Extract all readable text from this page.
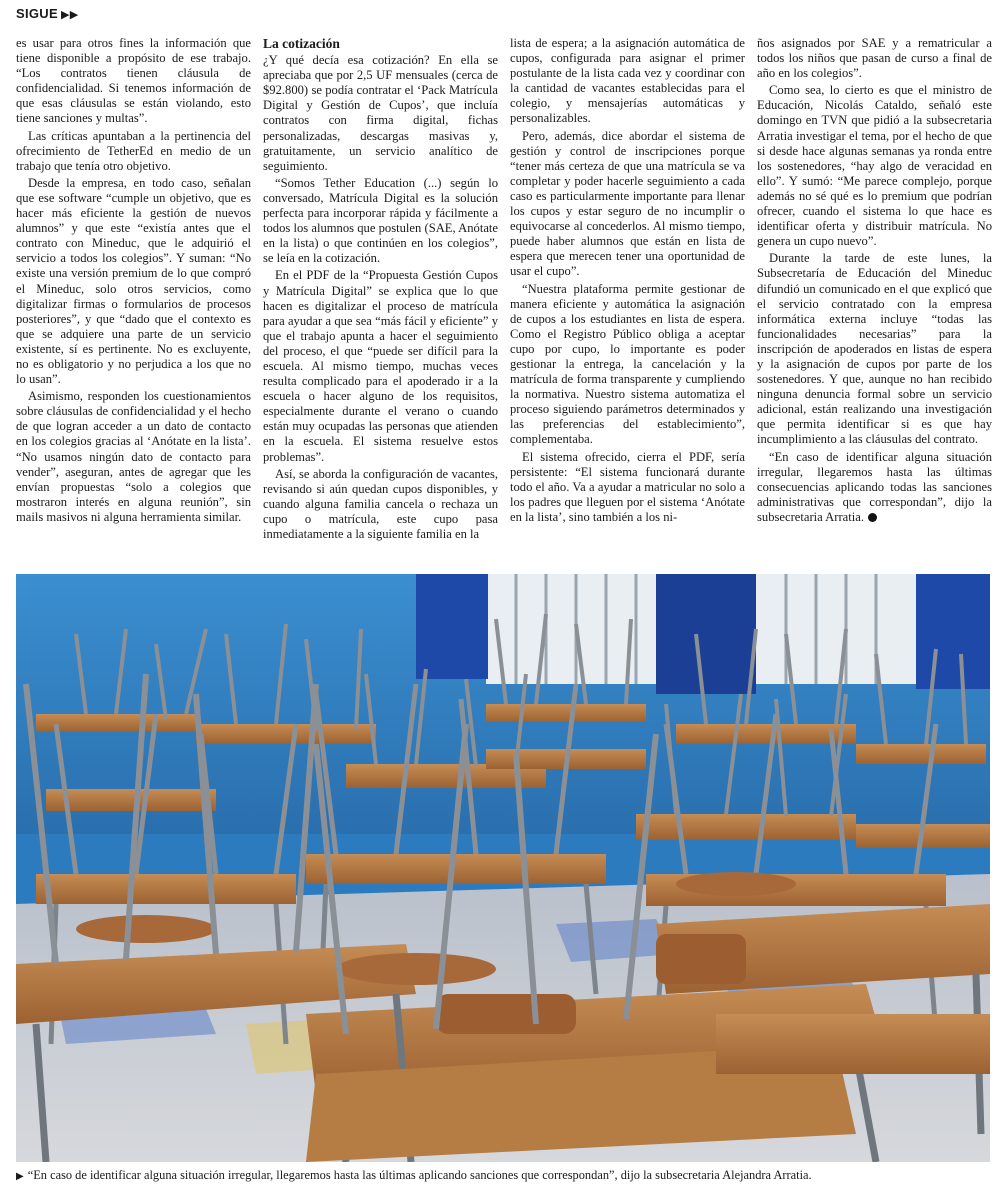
SIGUE ▶▶

es usar para otros fines la información que tiene disponible a propósito de ese trabajo. “Los contratos tienen cláusula de confidencialidad. Si tenemos información de que esas cláusulas se están violando, esto tiene sanciones y multas”.

Las críticas apuntaban a la pertinencia del ofrecimiento de TetherEd en medio de un trabajo que tenía otro objetivo.

Desde la empresa, en todo caso, señalan que ese software “cumple un objetivo, que es hacer más eficiente la gestión de nuevos alumnos” y que este “existía antes que el contrato con Mineduc, que le adquirió el servicio a todos los colegios”. Y suman: “No existe una versión premium de lo que compró el Mineduc, solo otros servicios, como digitalizar firmas o formularios de procesos posteriores”, y que “dado que el contexto es que se adquiere una parte de un servicio existente, sí es pertinente. No es excluyente, no es obligatorio y no perjudica a los que no lo usan”.

Asimismo, responden los cuestionamientos sobre cláusulas de confidencialidad y el hecho de que logran acceder a un dato de contacto en los colegios gracias al ‘Anótate en la lista’. “No usamos ningún dato de contacto para vender”, aseguran, antes de agregar que les envían propuestas “solo a colegios que mostraron interés en alguna reunión”, sin mails masivos ni alguna herramienta similar.

La cotización

¿Y qué decía esa cotización? En ella se apreciaba que por 2,5 UF mensuales (cerca de $92.800) se podía contratar el ‘Pack Matrícula Digital y Gestión de Cupos’, que incluía contratos con firma digital, fichas personalizadas, descargas masivas y, gratuitamente, un servicio analítico de seguimiento.

“Somos Tether Education (...) según lo conversado, Matrícula Digital es la solución perfecta para incorporar rápida y fácilmente a todos los alumnos que postulen (SAE, Anótate en la lista) o que continúen en los colegios”, se leía en la cotización.

En el PDF de la “Propuesta Gestión Cupos y Matrícula Digital” se explica que lo que hacen es digitalizar el proceso de matrícula para ayudar a que sea “más fácil y eficiente” y que el trabajo apunta a hacer el seguimiento del proceso, el que “puede ser difícil para la escuela. Al mismo tiempo, muchas veces resulta complicado para el apoderado ir a la escuela o hacer alguno de los requisitos, especialmente durante el verano o cuando están muy ocupadas las personas que atienden en la escuela. El sistema resuelve estos problemas”.

Así, se aborda la configuración de vacantes, revisando si aún quedan cupos disponibles, y cuando alguna familia cancela o rechaza un cupo o matrícula, este cupo pasa inmediatamente a la siguiente familia en la

lista de espera; a la asignación automática de cupos, configurada para asignar el primer postulante de la lista cada vez y coordinar con la cantidad de vacantes establecidas para el colegio, y mensajerías automáticas y personalizables.

Pero, además, dice abordar el sistema de gestión y control de inscripciones porque “tener más certeza de que una matrícula se va completar y poder hacerle seguimiento a cada caso es particularmente importante para llenar los cupos y estar seguro de no incumplir o equivocarse al concederlos. Al mismo tiempo, puede haber alumnos que están en lista de espera que merecen tener una oportunidad de usar el cupo”.

“Nuestra plataforma permite gestionar de manera eficiente y automática la asignación de cupos a los estudiantes en lista de espera. Como el Registro Público obliga a aceptar cupo por cupo, lo importante es poder gestionar la entrega, la cancelación y la matrícula de forma transparente y cumpliendo la normativa. Nuestro sistema automatiza el proceso siguiendo parámetros determinados y las preferencias del establecimiento”, complementaba.

El sistema ofrecido, cierra el PDF, sería persistente: “El sistema funcionará durante todo el año. Va a ayudar a matricular no solo a los padres que lleguen por el sistema ‘Anótate en la lista’, sino también a los ni-

ños asignados por SAE y a rematricular a todos los niños que pasan de curso a final de año en los colegios”.

Como sea, lo cierto es que el ministro de Educación, Nicolás Cataldo, señaló este domingo en TVN que pidió a la subsecretaria Arratia investigar el tema, por el hecho de que si desde hace algunas semanas ya ronda entre los sostenedores, “hay algo de veracidad en ello”. Y sumó: “Me parece complejo, porque además no sé qué es lo premium que podrían ofrecer, cuando el sistema lo que hace es identificar oferta y distribuir matrícula. No genera un cupo nuevo”.

Durante la tarde de este lunes, la Subsecretaría de Educación del Mineduc difundió un comunicado en el que explicó que el servicio contratado con la empresa informática externa incluye “todas las funcionalidades necesarias” para la inscripción de apoderados en listas de espera y la asignación de cupos por parte de los sostenedores. Y que, aunque no han recibido ninguna denuncia formal sobre un servicio adicional, están realizando una investigación que permita identificar si es que hay incumplimiento a las cláusulas del contrato.

“En caso de identificar alguna situación irregular, llegaremos hasta las últimas consecuencias aplicando todas las sanciones administrativas que correspondan”, dijo la subsecretaria Arratia.

▶ “En caso de identificar alguna situación irregular, llegaremos hasta las últimas aplicando sanciones que correspondan”, dijo la subsecretaria Alejandra Arratia.
